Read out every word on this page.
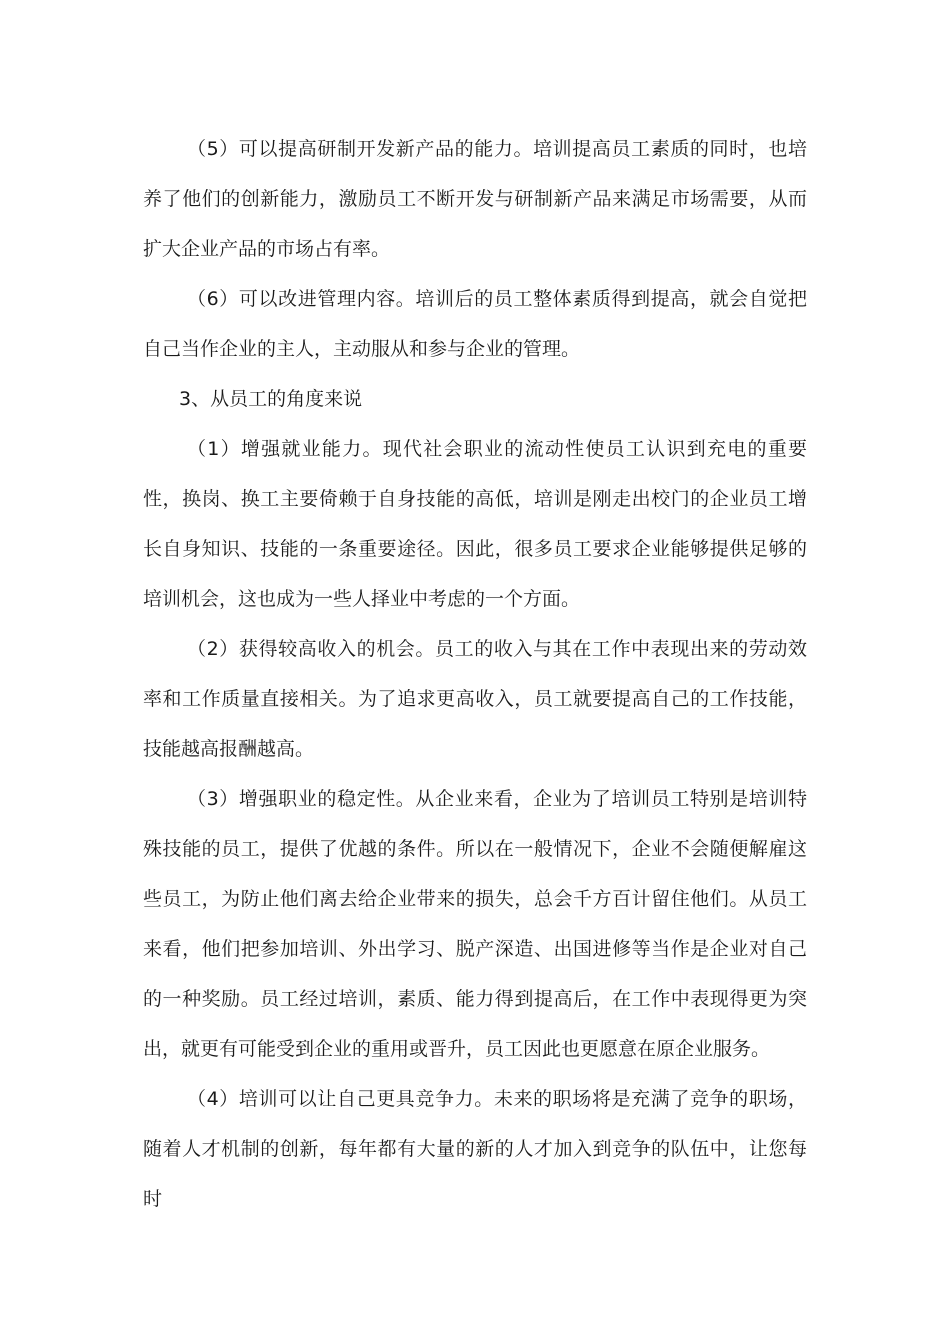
（5）可以提高研制开发新产品的能力。培训提高员工素质的同时，也培养了他们的创新能力，激励员工不断开发与研制新产品来满足市场需要，从而扩大企业产品的市场占有率。

（6）可以改进管理内容。培训后的员工整体素质得到提高，就会自觉把自己当作企业的主人，主动服从和参与企业的管理。

3、从员工的角度来说

（1）增强就业能力。现代社会职业的流动性使员工认识到充电的重要性，换岗、换工主要倚赖于自身技能的高低，培训是刚走出校门的企业员工增长自身知识、技能的一条重要途径。因此，很多员工要求企业能够提供足够的培训机会，这也成为一些人择业中考虑的一个方面。

（2）获得较高收入的机会。员工的收入与其在工作中表现出来的劳动效率和工作质量直接相关。为了追求更高收入，员工就要提高自己的工作技能，技能越高报酬越高。

（3）增强职业的稳定性。从企业来看，企业为了培训员工特别是培训特殊技能的员工，提供了优越的条件。所以在一般情况下，企业不会随便解雇这些员工，为防止他们离去给企业带来的损失，总会千方百计留住他们。从员工来看，他们把参加培训、外出学习、脱产深造、出国进修等当作是企业对自己的一种奖励。员工经过培训，素质、能力得到提高后，在工作中表现得更为突出，就更有可能受到企业的重用或晋升，员工因此也更愿意在原企业服务。

（4）培训可以让自己更具竞争力。未来的职场将是充满了竞争的职场，随着人才机制的创新，每年都有大量的新的人才加入到竞争的队伍中，让您每时
